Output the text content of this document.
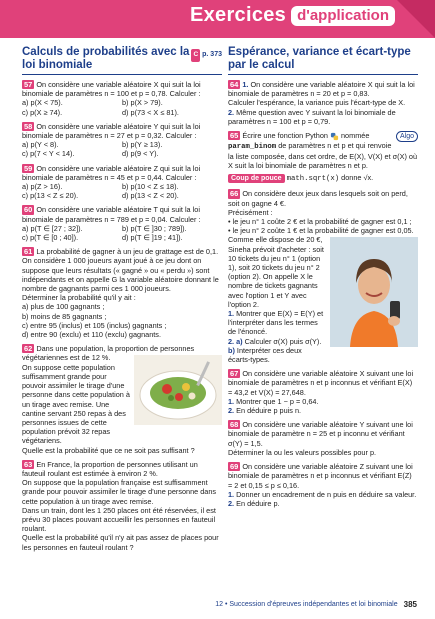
Exercices d'application
C p. 373
Calculs de probabilités avec la loi binomiale
57 On considère une variable aléatoire X qui suit la loi binomiale de paramètres n = 100 et p = 0,78. Calculer :
a) p(X < 75).	b) p(X > 79).
c) p(X ≥ 74).	d) p(73 < X ≤ 81).
58 On considère une variable aléatoire Y qui suit la loi binomiale de paramètres n = 27 et p = 0,32. Calculer :
a) p(Y < 8).	b) p(Y ≥ 13).
c) p(7 < Y < 14).	d) p(9 < Y).
59 On considère une variable aléatoire Z qui suit la loi binomiale de paramètres n = 45 et p = 0,44. Calculer :
a) p(Z > 16).	b) p(10 < Z ≤ 18).
c) p(13 < Z ≤ 20).	d) p(13 < Z < 20).
60 On considère une variable aléatoire T qui suit la loi binomiale de paramètres n = 789 et p = 0,04. Calculer :
a) p(T ∈ [27 ; 32]).	b) p(T ∈ ]30 ; 789]).
c) p(T ∈ [0 ; 40]).	d) p(T ∈ ]19 ; 41]).
61 La probabilité de gagner à un jeu de grattage est de 0,1. On considère 1 000 joueurs ayant joué à ce jeu dont on suppose que leurs résultats (« gagné » ou « perdu ») sont indépendants et on appelle G la variable aléatoire donnant le nombre de gagnants parmi ces 1 000 joueurs.
Déterminer la probabilité qu'il y ait :
a) plus de 100 gagnants ;
b) moins de 85 gagnants ;
c) entre 95 (inclus) et 105 (inclus) gagnants ;
d) entre 90 (exclu) et 110 (exclu) gagnants.
62 Dans une population, la proportion de personnes végétariennes est de 12 %.
On suppose cette population suffisamment grande pour pouvoir assimiler le tirage d'une personne dans cette population à un tirage avec remise. Une cantine servant 250 repas à des personnes issues de cette population prévoit 32 repas végétariens.
Quelle est la probabilité que ce ne soit pas suffisant ?
63 En France, la proportion de personnes utilisant un fauteuil roulant est estimée à environ 2 %.
On suppose que la population française est suffisamment grande pour pouvoir assimiler le tirage d'une personne dans cette population à un tirage avec remise.
Dans un train, dont les 1 250 places ont été réservées, il est prévu 30 places pouvant accueillir les personnes en fauteuil roulant.
Quelle est la probabilité qu'il n'y ait pas assez de places pour les personnes en fauteuil roulant ?
Espérance, variance et écart-type par le calcul
64 1. On considère une variable aléatoire X qui suit la loi binomiale de paramètres n = 20 et p = 0,83.
Calculer l'espérance, la variance puis l'écart-type de X.
2. Même question avec Y suivant la loi binomiale de paramètres n = 100 et p = 0,79.
Algo
65 Écrire une fonction Python  nommée param_binom de paramètres n et p et qui renvoie la liste composée, dans cet ordre, de E(X), V(X) et σ(X) où X suit la loi binomiale de paramètres n et p.
Coup de pouce math.sqrt(x) donne √x.
66 On considère deux jeux dans lesquels soit on perd, soit on gagne 4 €.
Précisément :
• le jeu n° 1 coûte 2 € et la probabilité de gagner est 0,1 ;
• le jeu n° 2 coûte 1 € et la probabilité de gagner est 0,05.
Comme elle dispose de 20 €, Sineha prévoit d'acheter : soit 10 tickets du jeu n° 1 (option 1), soit 20 tickets du jeu n° 2 (option 2). On appelle X le nombre de tickets gagnants avec l'option 1 et Y avec l'option 2.
1. Montrer que E(X) = E(Y) et l'interpréter dans les termes de l'énoncé.
2. a) Calculer σ(X) puis σ(Y).
b) Interpréter ces deux écarts-types.
67 On considère une variable aléatoire X suivant une loi binomiale de paramètres n et p inconnus et vérifiant E(X) = 43,2 et V(X) = 27,648.
1. Montrer que 1 − p = 0,64.
2. En déduire p puis n.
68 On considère une variable aléatoire Y suivant une loi binomiale de paramètre n = 25 et p inconnu et vérifiant σ(Y) = 1,5.
Déterminer la ou les valeurs possibles pour p.
69 On considère une variable aléatoire Z suivant une loi binomiale de paramètres n et p inconnus et vérifiant E(Z) = 2 et 0,15 ≤ p ≤ 0,16.
1. Donner un encadrement de n puis en déduire sa valeur.
2. En déduire p.
12 • Succession d'épreuves indépendantes et loi binomiale 385
